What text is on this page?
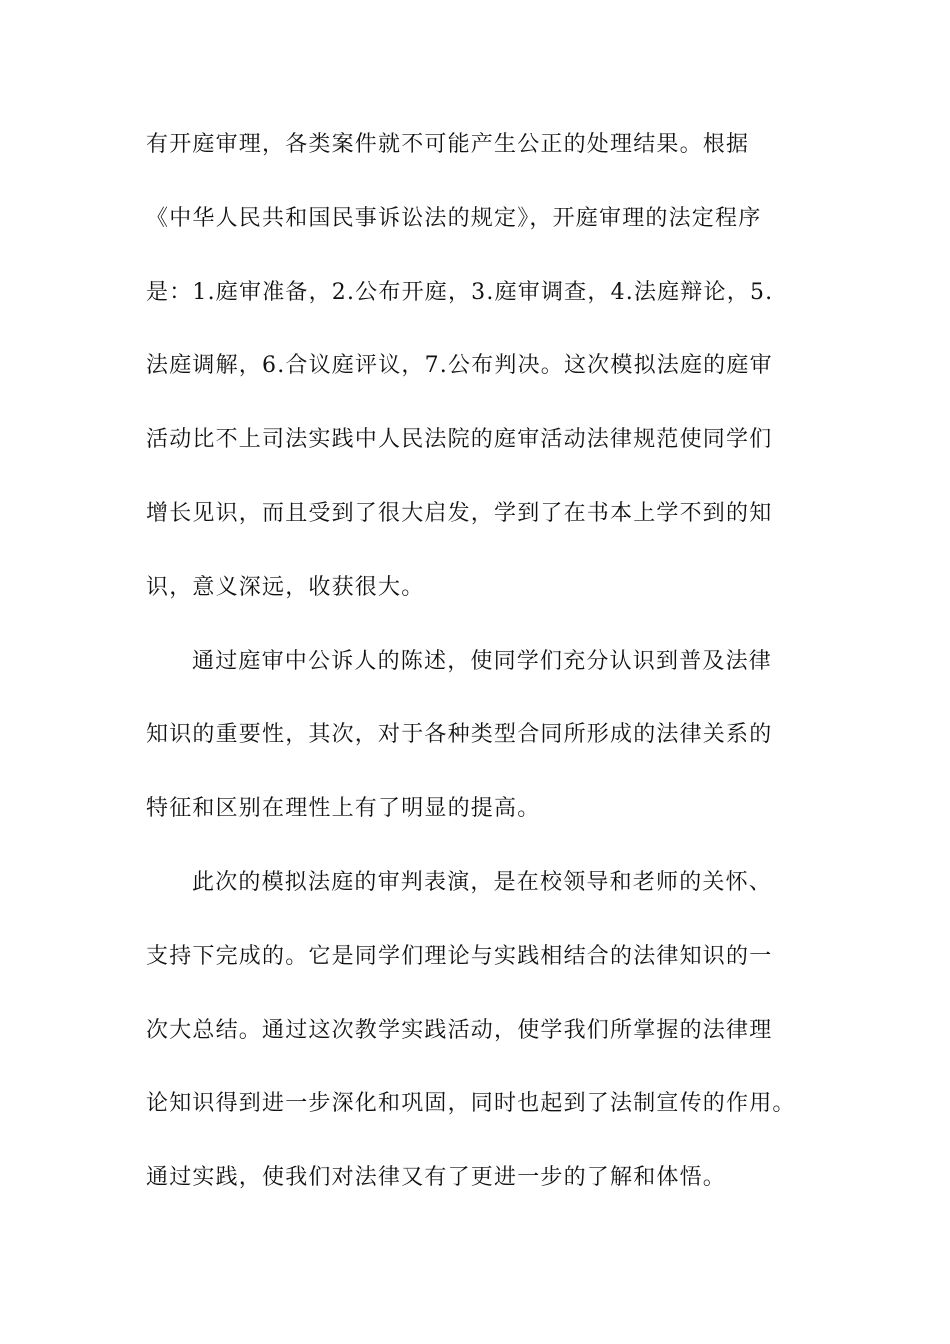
有开庭审理，各类案件就不可能产生公正的处理结果。根据
《中华人民共和国民事诉讼法的规定》，开庭审理的法定程序
是：1.庭审准备，2.公布开庭，3.庭审调查，4.法庭辩论，5.
法庭调解，6.合议庭评议，7.公布判决。这次模拟法庭的庭审
活动比不上司法实践中人民法院的庭审活动法律规范使同学们
增长见识，而且受到了很大启发，学到了在书本上学不到的知
识，意义深远，收获很大。
通过庭审中公诉人的陈述，使同学们充分认识到普及法律
知识的重要性，其次，对于各种类型合同所形成的法律关系的
特征和区别在理性上有了明显的提高。
此次的模拟法庭的审判表演，是在校领导和老师的关怀、
支持下完成的。它是同学们理论与实践相结合的法律知识的一
次大总结。通过这次教学实践活动，使学我们所掌握的法律理
论知识得到进一步深化和巩固，同时也起到了法制宣传的作用。
通过实践，使我们对法律又有了更进一步的了解和体悟。
